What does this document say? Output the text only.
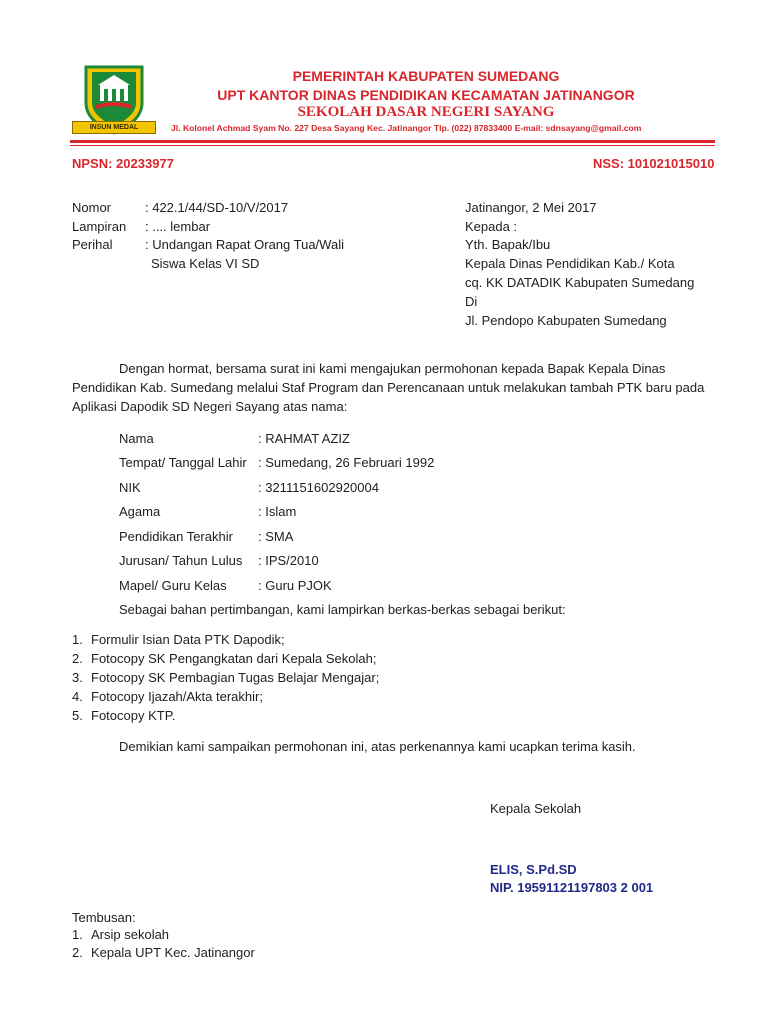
INSUN MEDAL
PEMERINTAH KABUPATEN SUMEDANG
UPT KANTOR DINAS PENDIDIKAN KECAMATAN JATINANGOR
SEKOLAH DASAR NEGERI SAYANG
Jl. Kolonel Achmad Syam No. 227 Desa Sayang Kec. Jatinangor Tlp. (022) 87833400 E-mail: sdnsayang@gmail.com
NPSN: 20233977	NSS: 101021015010
Nomor	: 422.1/44/SD-10/V/2017
Lampiran : .... lembar
Perihal	: Undangan Rapat Orang Tua/Wali
Siswa Kelas VI SD
Jatinangor, 2 Mei 2017
Kepada :
Yth. Bapak/Ibu
Kepala Dinas Pendidikan Kab./ Kota
cq. KK DATADIK Kabupaten Sumedang
Di
Jl. Pendopo Kabupaten Sumedang
Dengan hormat, bersama surat ini kami mengajukan permohonan kepada Bapak Kepala Dinas
Pendidikan Kab. Sumedang melalui Staf Program dan Perencanaan untuk melakukan tambah PTK baru pada
Aplikasi Dapodik SD Negeri Sayang atas nama:
Nama	: RAHMAT AZIZ
Tempat/ Tanggal Lahir : Sumedang, 26 Februari 1992
NIK	: 3211151602920004
Agama	: Islam
Pendidikan Terakhir : SMA
Jurusan/ Tahun Lulus : IPS/2010
Mapel/ Guru Kelas : Guru PJOK
Sebagai bahan pertimbangan, kami lampirkan berkas-berkas sebagai berikut:
1. Formulir Isian Data PTK Dapodik;
2. Fotocopy SK Pengangkatan dari Kepala Sekolah;
3. Fotocopy SK Pembagian Tugas Belajar Mengajar;
4. Fotocopy Ijazah/Akta terakhir;
5. Fotocopy KTP.
Demikian kami sampaikan permohonan ini, atas perkenannya kami ucapkan terima kasih.
Kepala Sekolah
ELIS, S.Pd.SD
NIP. 19591121197803 2 001
Tembusan:
1. Arsip sekolah
2. Kepala UPT Kec. Jatinangor
